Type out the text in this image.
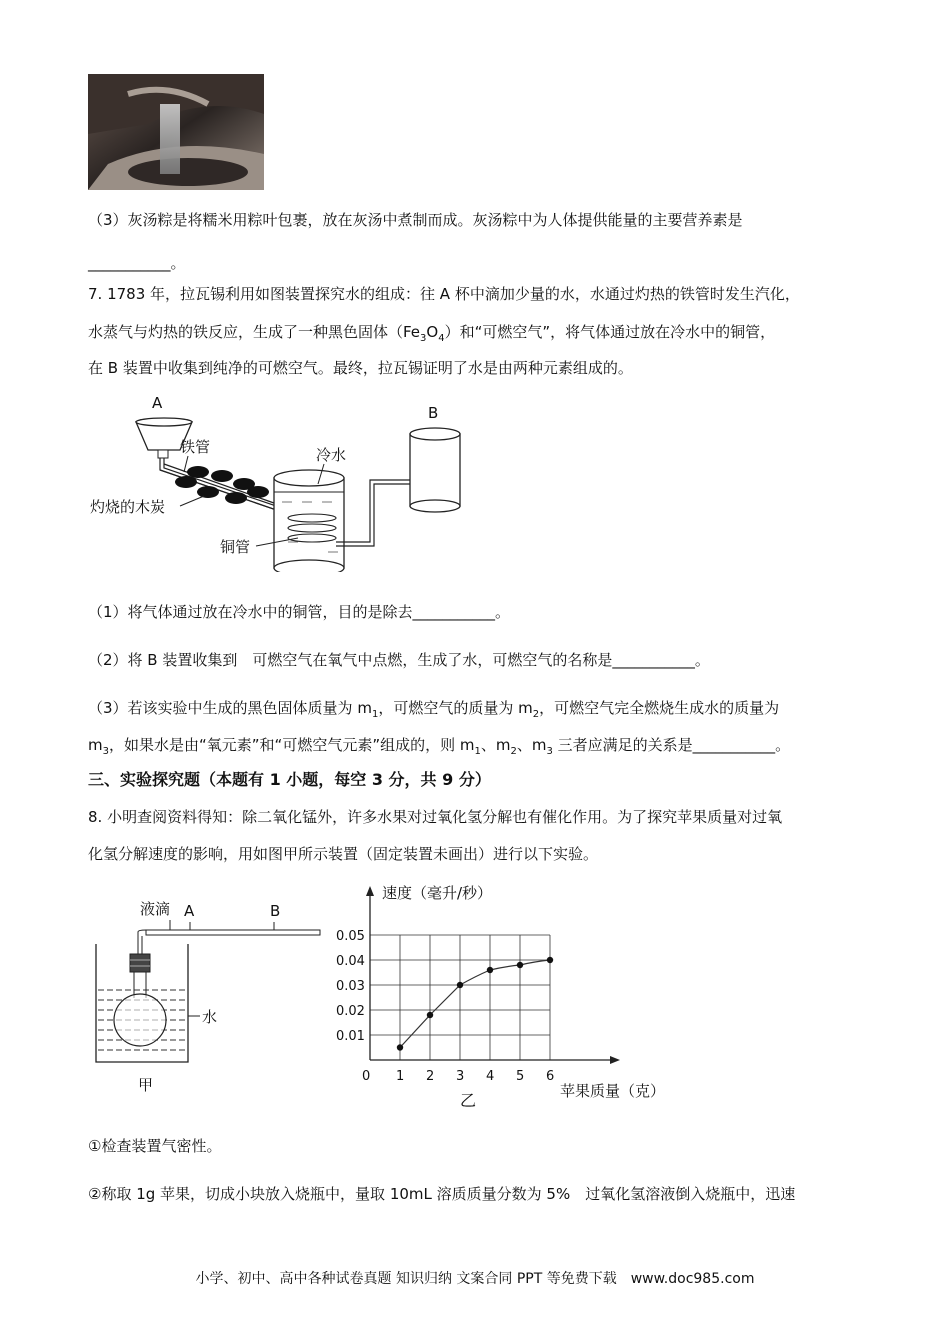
（3）灰汤粽是将糯米用粽叶包裹，放在灰汤中煮制而成。灰汤粽中为人体提供能量的主要营养素是
___________。
7. 1783 年，拉瓦锡利用如图装置探究水的组成：往 A 杯中滴加少量的水，水通过灼热的铁管时发生汽化，
水蒸气与灼热的铁反应，生成了一种黑色固体$(Fe_3O_4)$和“可燃空气”，将气体通过放在冷水中的铜管，
在 B 装置中收集到纯净的可燃空气。最终，拉瓦锡证明了水是由两种元素组成的。
A
铁管
灼烧的木炭
冷水
铜管
B
（1）将气体通过放在冷水中的铜管，目的是除去___________。
（2）将 B 装置收集到　可燃空气在氧气中点燃，生成了水，可燃空气的名称是___________。
（3）若该实验中生成的黑色固体质量为 $m_1$，可燃空气的质量为 $m_2$，可燃空气完全燃烧生成水的质量为
$m_3$，如果水是由“氧元素”和“可燃空气元素”组成的，则 $m_1$、$m_2$、$m_3$ 三者应满足的关系是___________。
三、实验探究题（本题有 1 小题，每空 3 分，共 9 分）
8. 小明查阅资料得知：除二氧化锰外，许多水果对过氧化氢分解也有催化作用。为了探究苹果质量对过氧
化氢分解速度的影响，用如图甲所示装置（固定装置未画出）进行以下实验。
液滴 A	B
水
甲	0 1 2 3 4 5 6
0.01
0.02
0.03
0.04
0.05
速度（毫升/秒）
苹果质量（克）
乙
①检查装置气密性。
②称取 1g 苹果，切成小块放入烧瓶中，量取 10mL 溶质质量分数为 5%　过氧化氢溶液倒入烧瓶中，迅速
小学、初中、高中各种试卷真题 知识归纳 文案合同 PPT 等免费下载　www.doc985.com
